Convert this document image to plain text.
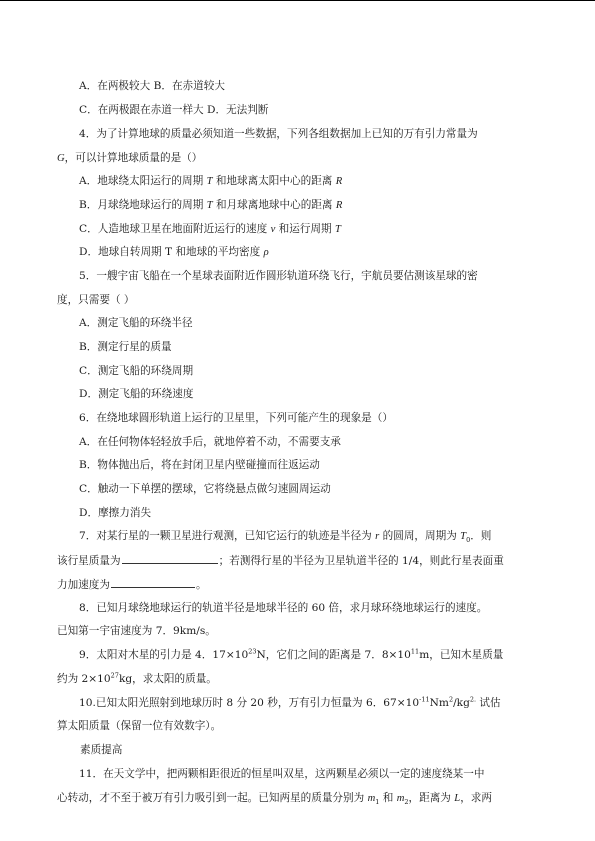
A．在两极较大 B．在赤道较大
C．在两极跟在赤道一样大 D．无法判断
4．为了计算地球的质量必须知道一些数据，下列各组数据加上已知的万有引力常量为
G，可以计算地球质量的是（）
A．地球绕太阳运行的周期 T 和地球离太阳中心的距离 R
B．月球绕地球运行的周期 T 和月球离地球中心的距离 R
C．人造地球卫星在地面附近运行的速度 v 和运行周期 T
D．地球自转周期 T 和地球的平均密度 ρ
5．一艘宇宙飞船在一个星球表面附近作圆形轨道环绕飞行，宇航员要估测该星球的密
度，只需要（ ）
A．测定飞船的环绕半径
B．测定行星的质量
C．测定飞船的环绕周期
D．测定飞船的环绕速度
6．在绕地球圆形轨道上运行的卫星里，下列可能产生的现象是（）
A．在任何物体轻轻放手后，就地停着不动，不需要支承
B．物体抛出后，将在封闭卫星内壁碰撞而往返运动
C．触动一下单摆的摆球，它将绕悬点做匀速圆周运动
D．摩擦力消失
7．对某行星的一颗卫星进行观测，已知它运行的轨迹是半径为 r 的圆周，周期为 $T_0$．则
该行星质量为	；若测得行星的半径为卫星轨道半径的 1/4，则此行星表面重
力加速度为	。
8．已知月球绕地球运行的轨道半径是地球半径的 60 倍，求月球环绕地球运行的速度。
已知第一宇宙速度为 7．9km/s。
9．太阳对木星的引力是 4．$17\times 10^{23}N$，它们之间的距离是 7．$8\times 10^{11}m$，已知木星质量
约为 $2\times 10^{27}kg$，求太阳的质量。
10.已知太阳光照射到地球历时 8 分 20 秒，万有引力恒量为 6．$67\times 10^{-11}Nm^2/kg^{2.}$ 试估
算太阳质量（保留一位有效数字）。
素质提高
11．在天文学中，把两颗相距很近的恒星叫双星，这两颗星必须以一定的速度绕某一中
心转动，才不至于被万有引力吸引到一起。已知两星的质量分别为 $m_1$ 和 $m_2$，距离为 L，求两
